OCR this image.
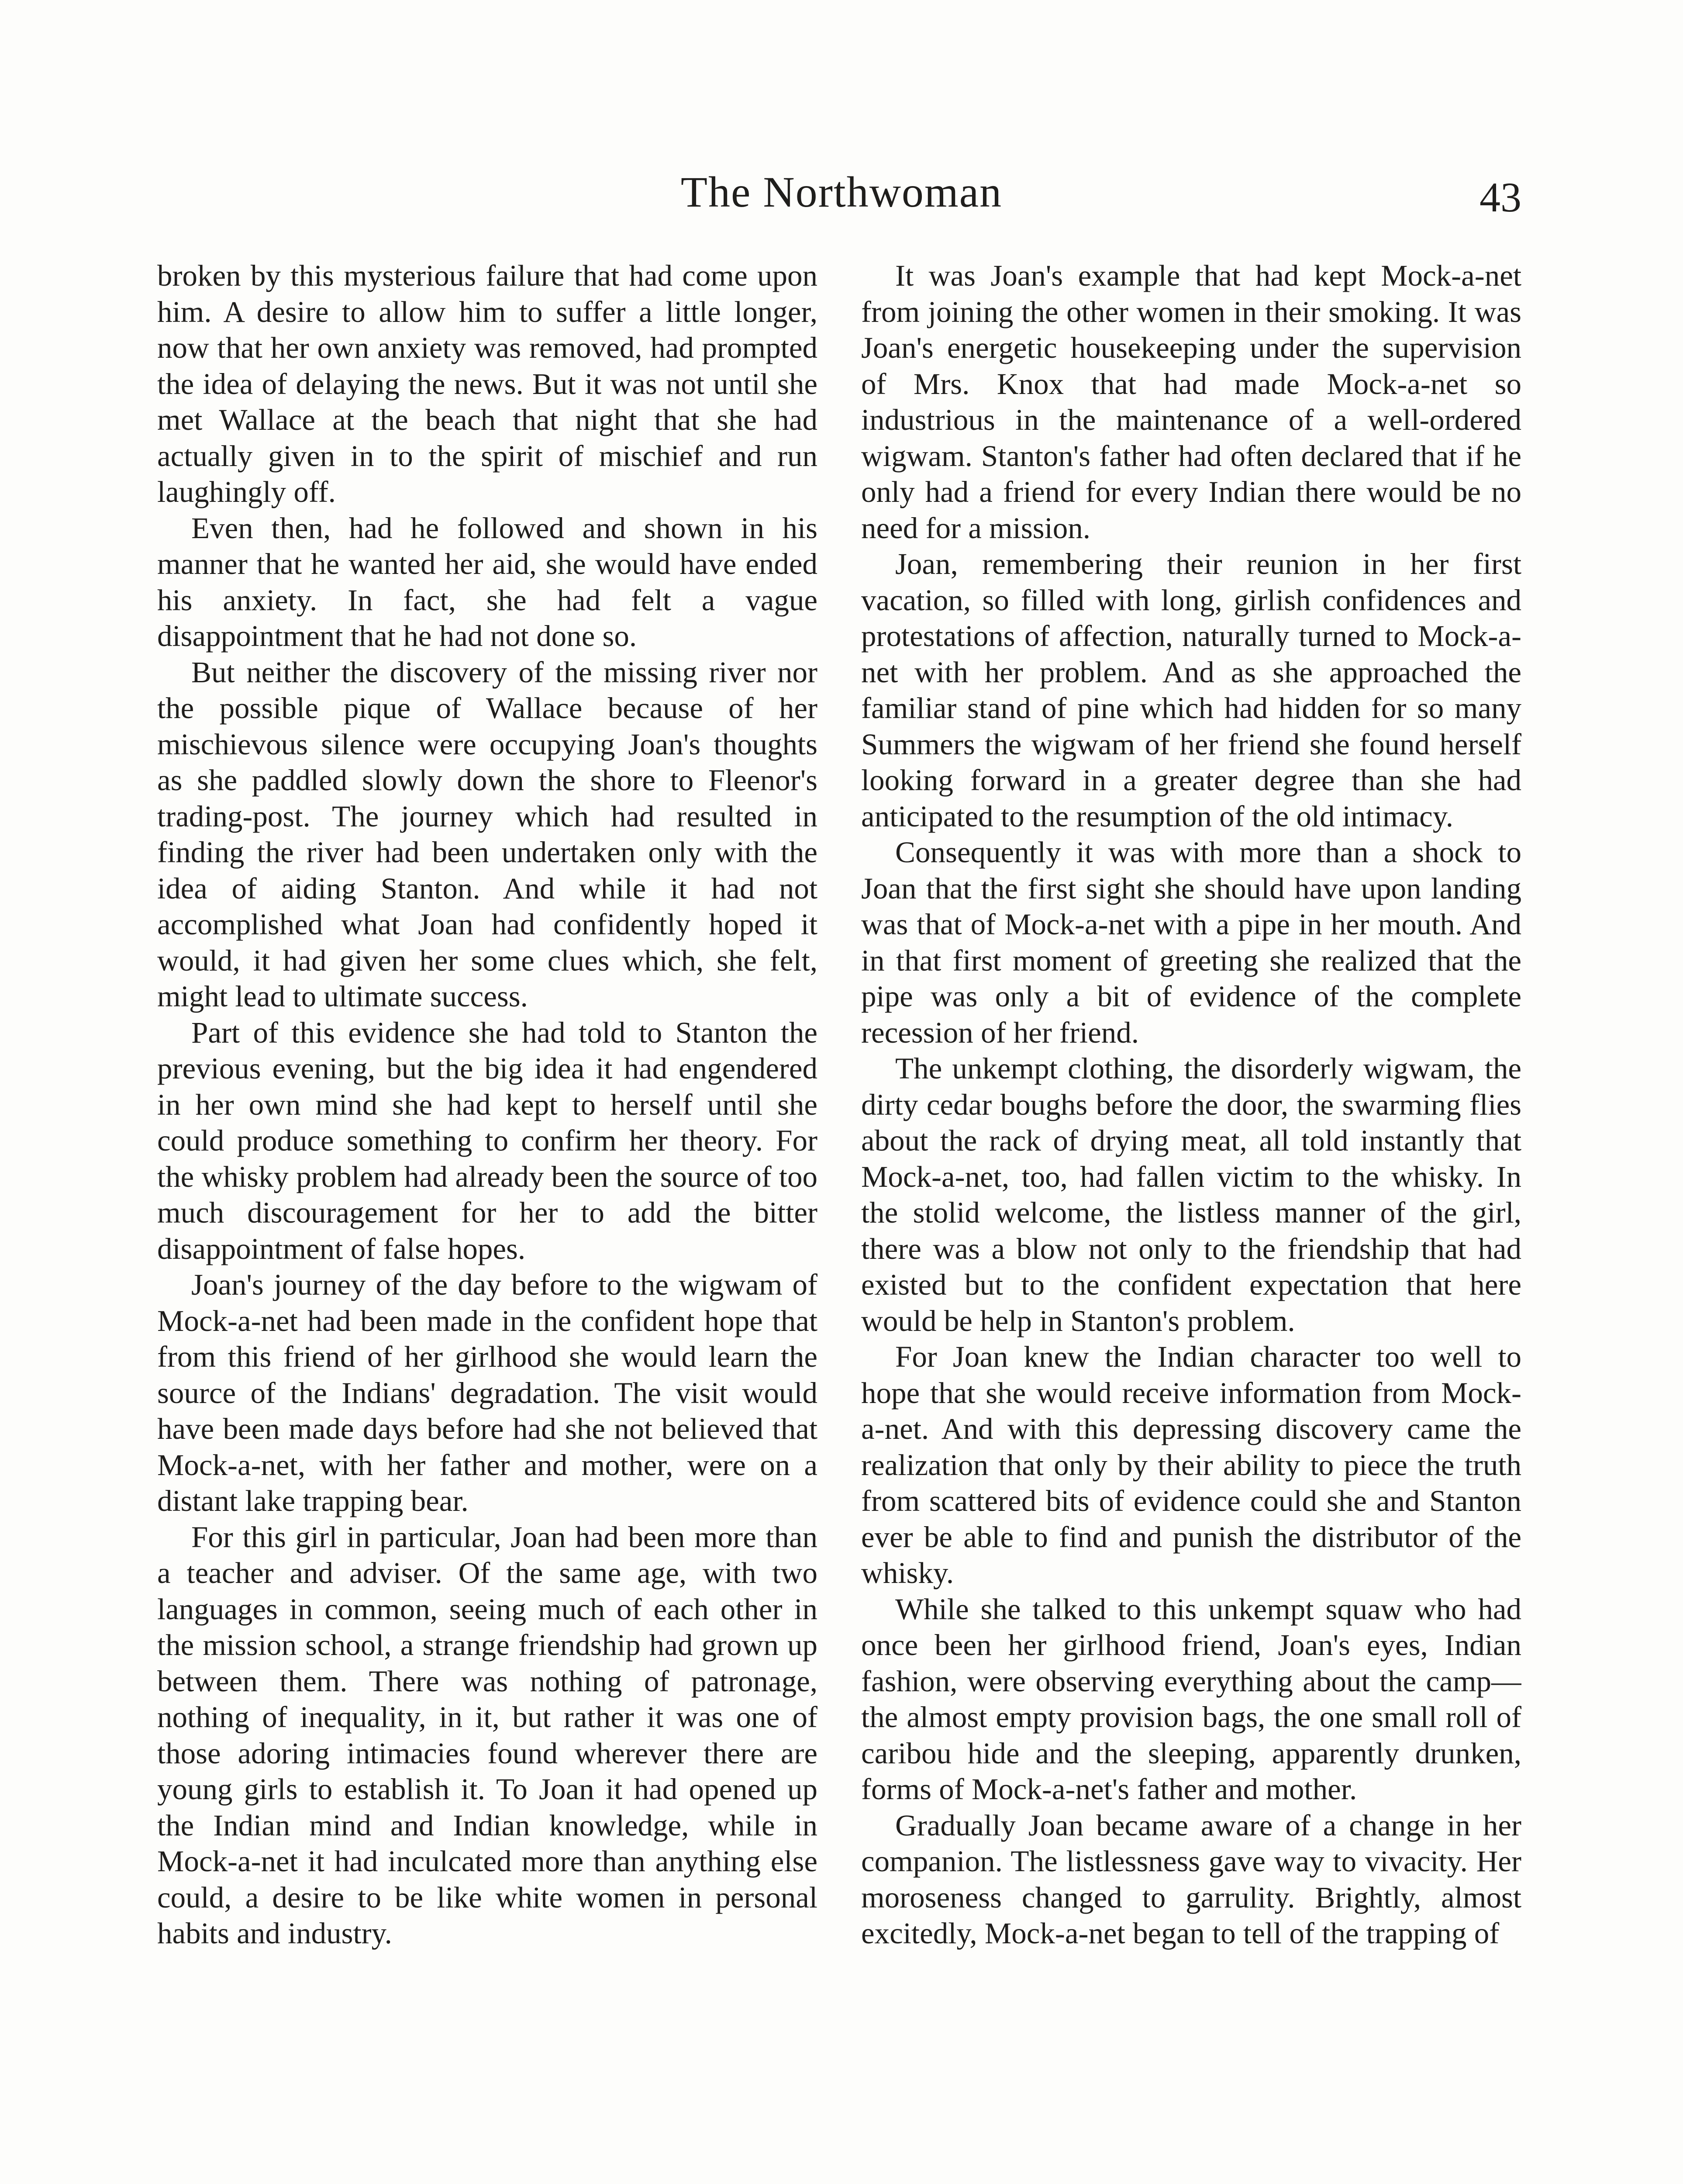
The Northwoman	43

broken by this mysterious failure that had come upon him. A desire to allow him to suffer a little longer, now that her own anxiety was removed, had prompted the idea of delaying the news. But it was not until she met Wallace at the beach that night that she had actually given in to the spirit of mischief and run laughingly off.

Even then, had he followed and shown in his manner that he wanted her aid, she would have ended his anxiety. In fact, she had felt a vague disappointment that he had not done so.

But neither the discovery of the missing river nor the possible pique of Wallace because of her mischievous silence were occupying Joan's thoughts as she paddled slowly down the shore to Fleenor's trading-post. The journey which had resulted in finding the river had been undertaken only with the idea of aiding Stanton. And while it had not accomplished what Joan had confidently hoped it would, it had given her some clues which, she felt, might lead to ultimate success.

Part of this evidence she had told to Stanton the previous evening, but the big idea it had engendered in her own mind she had kept to herself until she could produce something to confirm her theory. For the whisky problem had already been the source of too much discouragement for her to add the bitter disappointment of false hopes.

Joan's journey of the day before to the wigwam of Mock-a-net had been made in the confident hope that from this friend of her girlhood she would learn the source of the Indians' degradation. The visit would have been made days before had she not believed that Mock-a-net, with her father and mother, were on a distant lake trapping bear.

For this girl in particular, Joan had been more than a teacher and adviser. Of the same age, with two languages in common, seeing much of each other in the mission school, a strange friendship had grown up between them. There was nothing of patronage, nothing of inequality, in it, but rather it was one of those adoring intimacies found wherever there are young girls to establish it. To Joan it had opened up the Indian mind and Indian knowledge, while in Mock-a-net it had inculcated more than anything else could, a desire to be like white women in personal habits and industry.

It was Joan's example that had kept Mock-a-net from joining the other women in their smoking. It was Joan's energetic housekeeping under the supervision of Mrs. Knox that had made Mock-a-net so industrious in the maintenance of a well-ordered wigwam. Stanton's father had often declared that if he only had a friend for every Indian there would be no need for a mission.

Joan, remembering their reunion in her first vacation, so filled with long, girlish confidences and protestations of affection, naturally turned to Mock-a-net with her problem. And as she approached the familiar stand of pine which had hidden for so many Summers the wigwam of her friend she found herself looking forward in a greater degree than she had anticipated to the resumption of the old intimacy.

Consequently it was with more than a shock to Joan that the first sight she should have upon landing was that of Mock-a-net with a pipe in her mouth. And in that first moment of greeting she realized that the pipe was only a bit of evidence of the complete recession of her friend.

The unkempt clothing, the disorderly wigwam, the dirty cedar boughs before the door, the swarming flies about the rack of drying meat, all told instantly that Mock-a-net, too, had fallen victim to the whisky. In the stolid welcome, the listless manner of the girl, there was a blow not only to the friendship that had existed but to the confident expectation that here would be help in Stanton's problem.

For Joan knew the Indian character too well to hope that she would receive information from Mock-a-net. And with this depressing discovery came the realization that only by their ability to piece the truth from scattered bits of evidence could she and Stanton ever be able to find and punish the distributor of the whisky.

While she talked to this unkempt squaw who had once been her girlhood friend, Joan's eyes, Indian fashion, were observing everything about the camp—the almost empty provision bags, the one small roll of caribou hide and the sleeping, apparently drunken, forms of Mock-a-net's father and mother.

Gradually Joan became aware of a change in her companion. The listlessness gave way to vivacity. Her moroseness changed to garrulity. Brightly, almost excitedly, Mock-a-net began to tell of the trapping of
